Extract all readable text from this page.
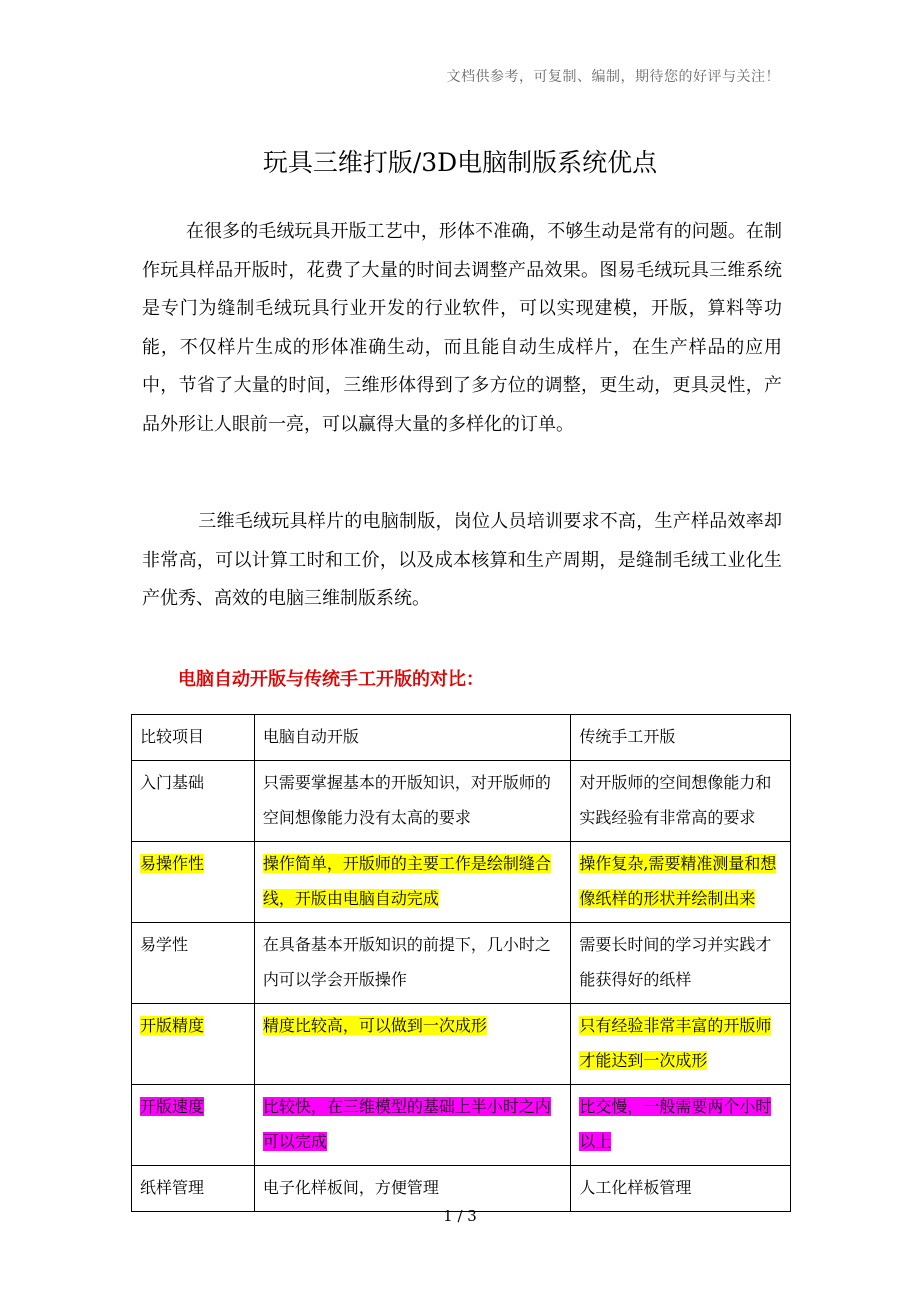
文档供参考，可复制、编制，期待您的好评与关注！
玩具三维打版/3D电脑制版系统优点

在很多的毛绒玩具开版工艺中，形体不准确，不够生动是常有的问题。在制作玩具样品开版时，花费了大量的时间去调整产品效果。图易毛绒玩具三维系统是专门为缝制毛绒玩具行业开发的行业软件，可以实现建模，开版，算料等功能，不仅样片生成的形体准确生动，而且能自动生成样片，在生产样品的应用中，节省了大量的时间，三维形体得到了多方位的调整，更生动，更具灵性，产品外形让人眼前一亮，可以赢得大量的多样化的订单。

三维毛绒玩具样片的电脑制版，岗位人员培训要求不高，生产样品效率却非常高，可以计算工时和工价，以及成本核算和生产周期，是缝制毛绒工业化生产优秀、高效的电脑三维制版系统。

电脑自动开版与传统手工开版的对比：
比较项目	电脑自动开版	传统手工开版
入门基础	只需要掌握基本的开版知识，对开版师的空间想像能力没有太高的要求	对开版师的空间想像能力和实践经验有非常高的要求
易操作性	操作简单，开版师的主要工作是绘制缝合线，开版由电脑自动完成	操作复杂,需要精准测量和想像纸样的形状并绘制出来
易学性	在具备基本开版知识的前提下，几小时之内可以学会开版操作	需要长时间的学习并实践才能获得好的纸样
开版精度	精度比较高，可以做到一次成形	只有经验非常丰富的开版师才能达到一次成形
开版速度	比较快，在三维模型的基础上半小时之内可以完成	比交慢，一般需要两个小时以上
纸样管理	电子化样板间，方便管理	人工化样板管理
1 / 3
